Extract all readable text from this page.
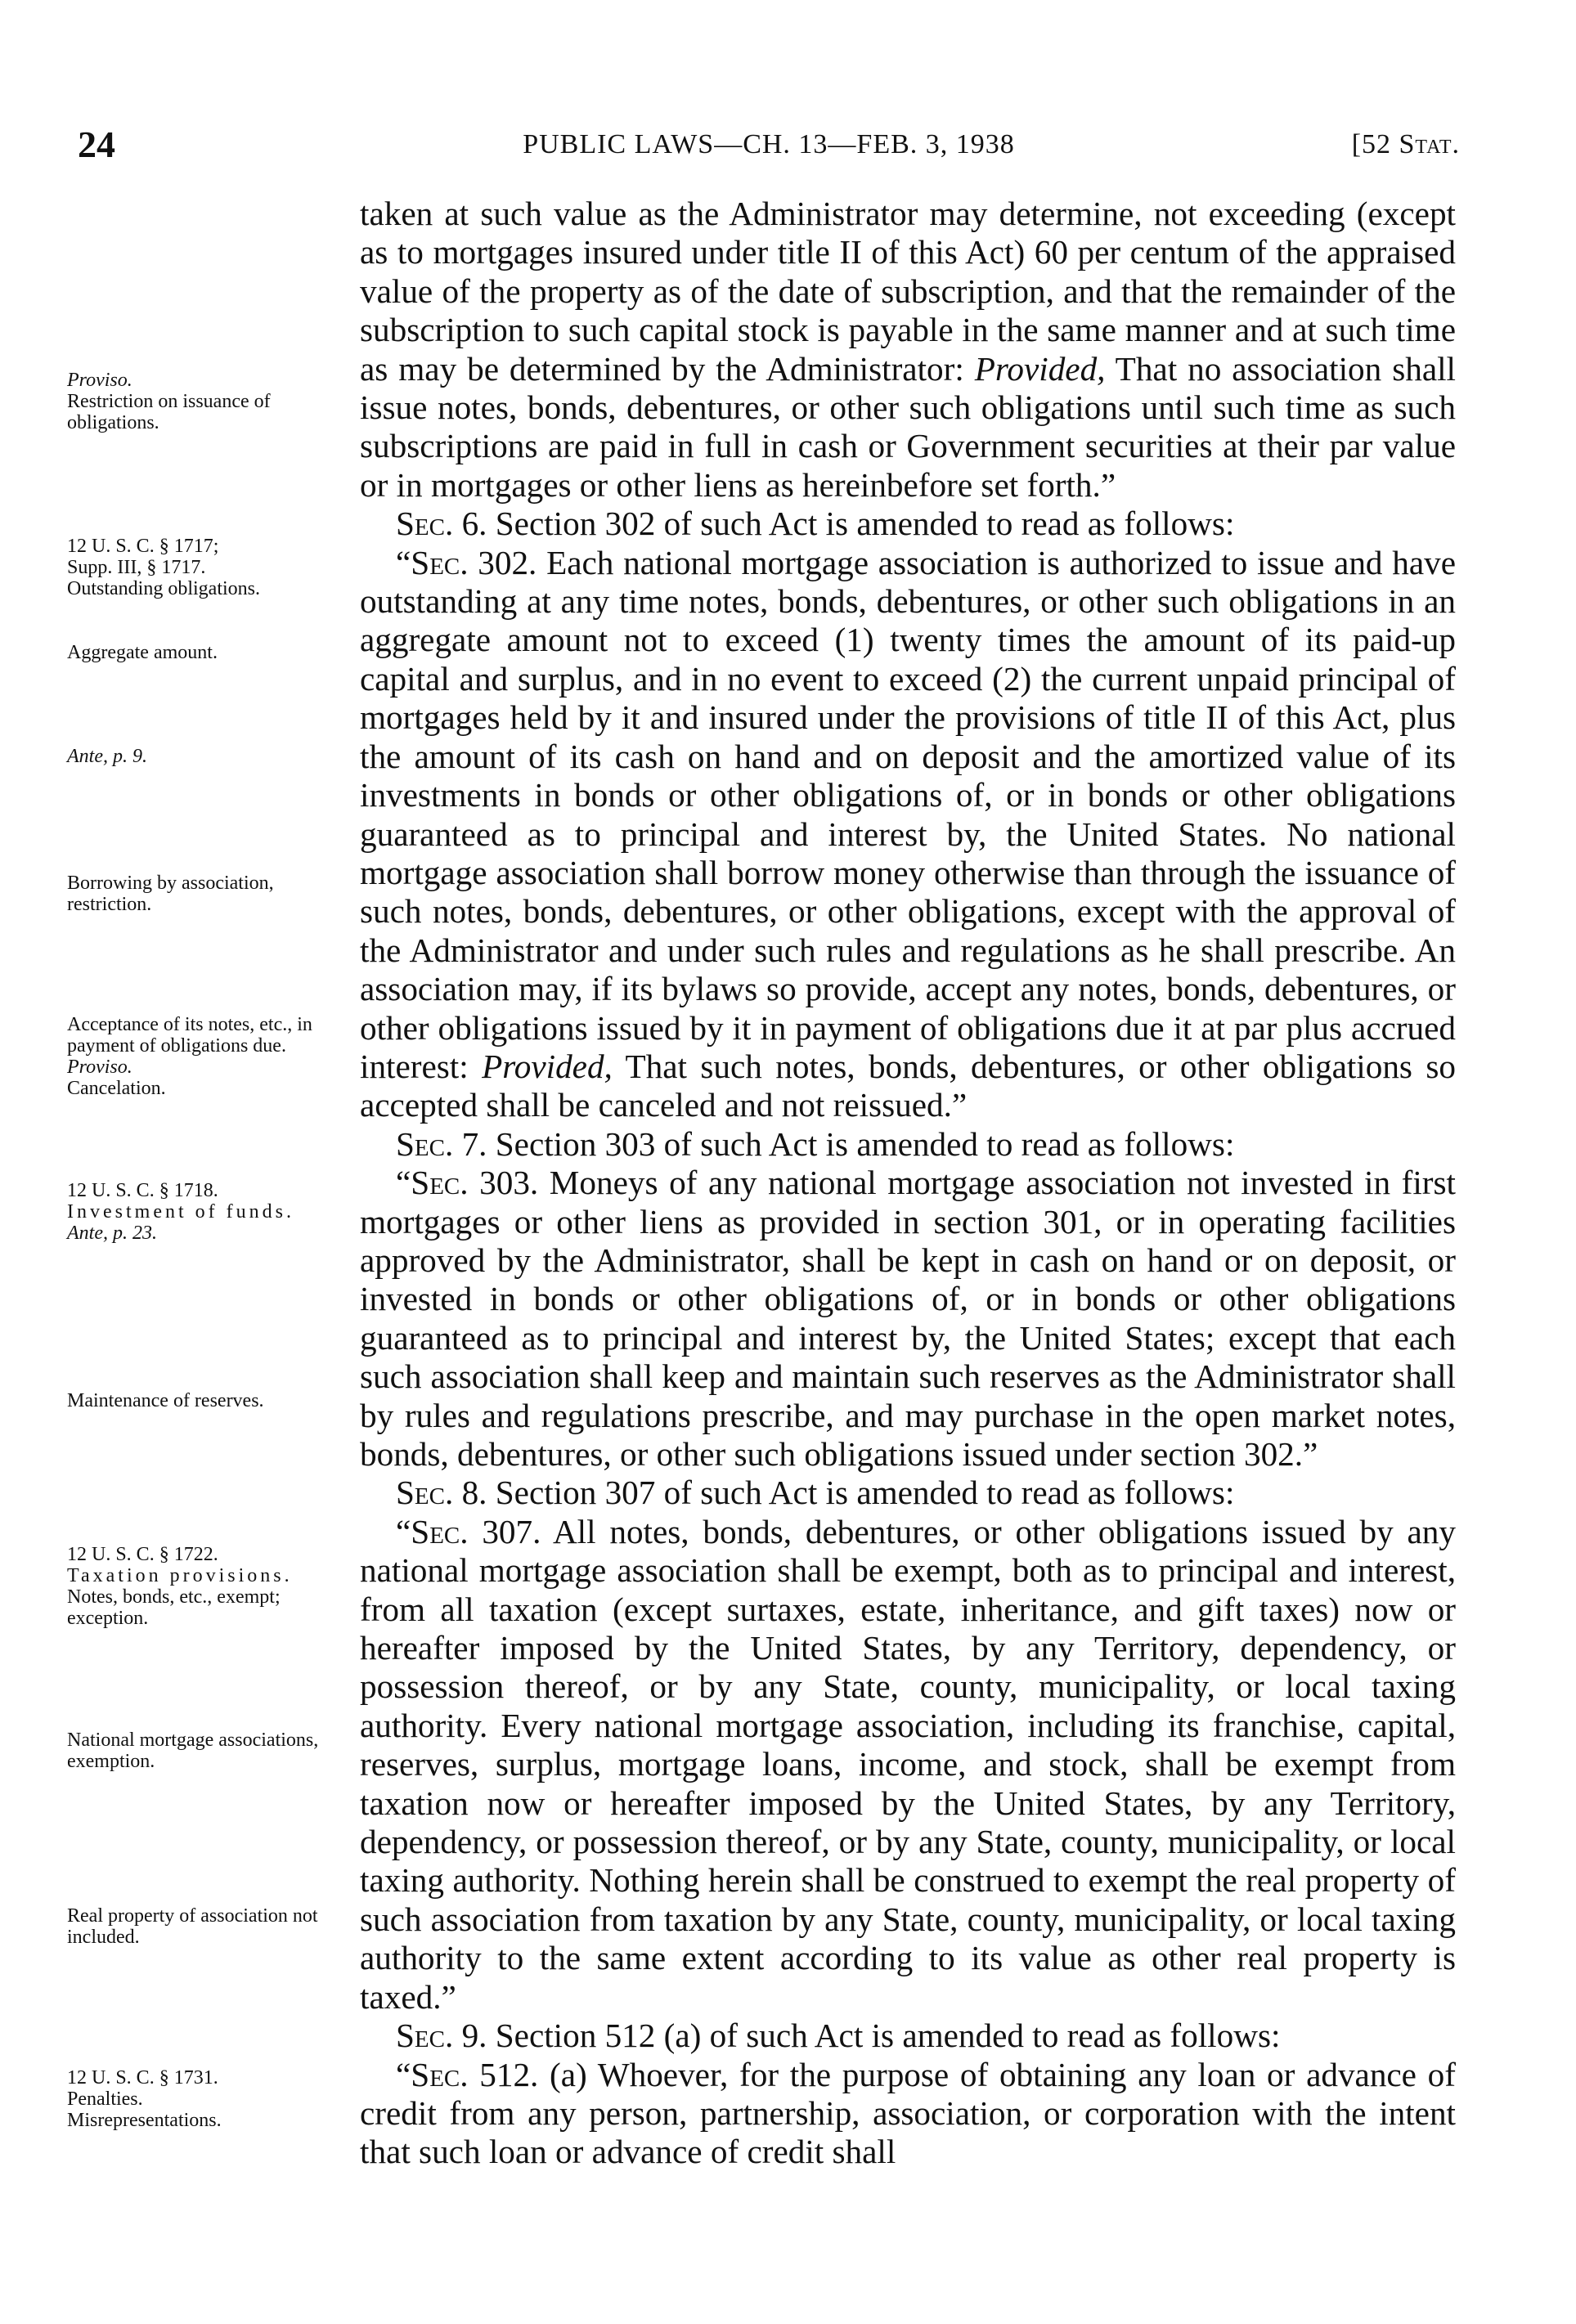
24	PUBLIC LAWS—CH. 13—FEB. 3, 1938	[52 Stat.
Proviso.
Restriction on issuance of obligations.
12 U. S. C. § 1717;
Supp. III, § 1717.
Outstanding obligations.
Aggregate amount.
Ante, p. 9.
Borrowing by association, restriction.
Acceptance of its notes, etc., in payment of obligations due.
Proviso.
Cancelation.
12 U. S. C. § 1718.
Investment of funds.
Ante, p. 23.
Maintenance of reserves.
12 U. S. C. § 1722.
Taxation provisions.
Notes, bonds, etc., exempt; exception.
National mortgage associations, exemption.
Real property of association not included.
12 U. S. C. § 1731.
Penalties.
Misrepresentations.

taken at such value as the Administrator may determine, not exceeding (except as to mortgages insured under title II of this Act) 60 per centum of the appraised value of the property as of the date of subscription, and that the remainder of the subscription to such capital stock is payable in the same manner and at such time as may be determined by the Administrator: Provided, That no association shall issue notes, bonds, debentures, or other such obligations until such time as such subscriptions are paid in full in cash or Government securities at their par value or in mortgages or other liens as hereinbefore set forth.”

Sec. 6. Section 302 of such Act is amended to read as follows:

“Sec. 302. Each national mortgage association is authorized to issue and have outstanding at any time notes, bonds, debentures, or other such obligations in an aggregate amount not to exceed (1) twenty times the amount of its paid-up capital and surplus, and in no event to exceed (2) the current unpaid principal of mortgages held by it and insured under the provisions of title II of this Act, plus the amount of its cash on hand and on deposit and the amortized value of its investments in bonds or other obligations of, or in bonds or other obligations guaranteed as to principal and interest by, the United States. No national mortgage association shall borrow money otherwise than through the issuance of such notes, bonds, debentures, or other obligations, except with the approval of the Administrator and under such rules and regulations as he shall prescribe. An association may, if its bylaws so provide, accept any notes, bonds, debentures, or other obligations issued by it in payment of obligations due it at par plus accrued interest: Provided, That such notes, bonds, debentures, or other obligations so accepted shall be canceled and not reissued.”

Sec. 7. Section 303 of such Act is amended to read as follows:

“Sec. 303. Moneys of any national mortgage association not invested in first mortgages or other liens as provided in section 301, or in operating facilities approved by the Administrator, shall be kept in cash on hand or on deposit, or invested in bonds or other obligations of, or in bonds or other obligations guaranteed as to principal and interest by, the United States; except that each such association shall keep and maintain such reserves as the Administrator shall by rules and regulations prescribe, and may purchase in the open market notes, bonds, debentures, or other such obligations issued under section 302.”

Sec. 8. Section 307 of such Act is amended to read as follows:

“Sec. 307. All notes, bonds, debentures, or other obligations issued by any national mortgage association shall be exempt, both as to principal and interest, from all taxation (except surtaxes, estate, inheritance, and gift taxes) now or hereafter imposed by the United States, by any Territory, dependency, or possession thereof, or by any State, county, municipality, or local taxing authority. Every national mortgage association, including its franchise, capital, reserves, surplus, mortgage loans, income, and stock, shall be exempt from taxation now or hereafter imposed by the United States, by any Territory, dependency, or possession thereof, or by any State, county, municipality, or local taxing authority. Nothing herein shall be construed to exempt the real property of such association from taxation by any State, county, municipality, or local taxing authority to the same extent according to its value as other real property is taxed.”

Sec. 9. Section 512 (a) of such Act is amended to read as follows:

“Sec. 512. (a) Whoever, for the purpose of obtaining any loan or advance of credit from any person, partnership, association, or corporation with the intent that such loan or advance of credit shall
